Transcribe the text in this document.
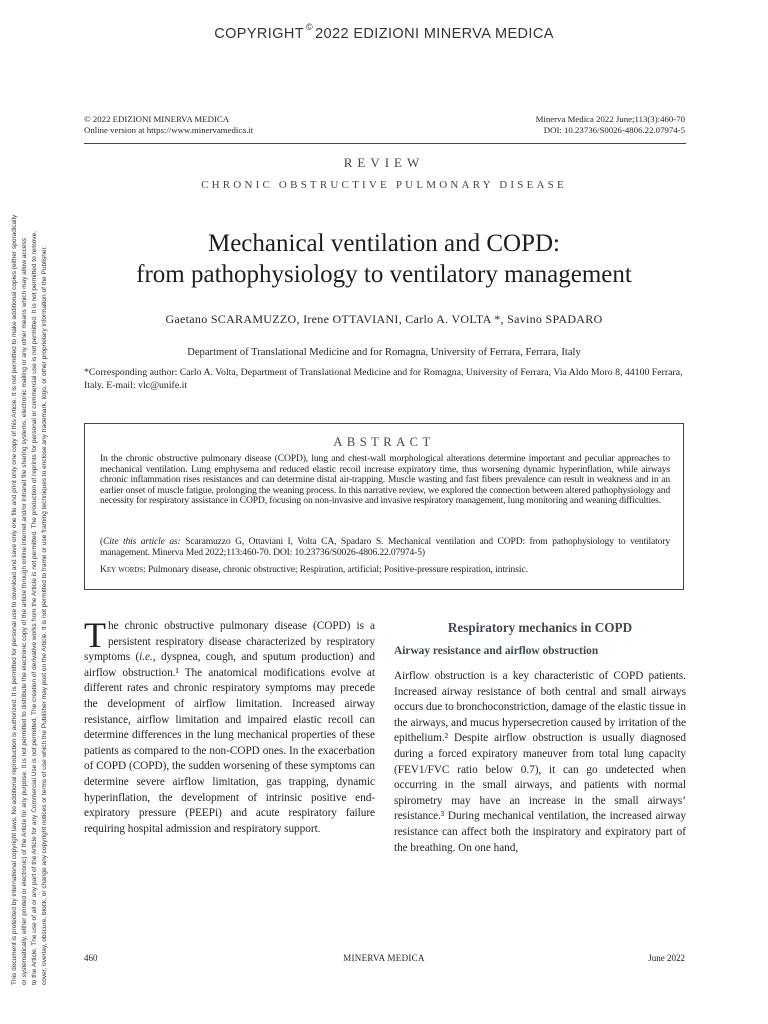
COPYRIGHT © 2022 EDIZIONI MINERVA MEDICA
This document is protected by international copyright laws. No additional reproduction is authorized. It is permitted for personal use to download and save only one file and print only one copy of this Article. It is not permitted to make additional copies (either sporadically or systematically, either printed or electronic) of the Article for any purpose. It is not permitted to distribute the electronic copy of the article through online internet and/or intranet file sharing systems, electronic mailing or any other means which may allow access to the Article. The use of all or any part of the Article for any Commercial Use is not permitted. The creation of derivative works from the Article is not permitted. The production of reprints for personal or commercial use is not permitted. It is not permitted to remove, cover, overlay, obscure, block, or change any copyright notices or terms of use which the Publisher may post on the Article. It is not permitted to frame or use framing techniques to enclose any trademark, logo, or other proprietary information of the Publisher.
© 2022 EDIZIONI MINERVA MEDICA
Online version at https://www.minervamedica.it
Minerva Medica 2022 June;113(3):460-70
DOI: 10.23736/S0026-4806.22.07974-5
REVIEW
CHRONIC OBSTRUCTIVE PULMONARY DISEASE
Mechanical ventilation and COPD:
from pathophysiology to ventilatory management
Gaetano SCARAMUZZO, Irene OTTAVIANI, Carlo A. VOLTA *, Savino SPADARO
Department of Translational Medicine and for Romagna, University of Ferrara, Ferrara, Italy
*Corresponding author: Carlo A. Volta, Department of Translational Medicine and for Romagna, University of Ferrara, Via Aldo Moro 8, 44100 Ferrara, Italy. E-mail: vlc@unife.it
ABSTRACT
In the chronic obstructive pulmonary disease (COPD), lung and chest-wall morphological alterations determine important and peculiar approaches to mechanical ventilation. Lung emphysema and reduced elastic recoil increase expiratory time, thus worsening dynamic hyperinflation, while airways chronic inflammation rises resistances and can determine distal air-trapping. Muscle wasting and fast fibers prevalence can result in weakness and in an earlier onset of muscle fatigue, prolonging the weaning process. In this narrative review, we explored the connection between altered pathophysiology and necessity for respiratory assistance in COPD, focusing on non-invasive and invasive respiratory management, lung monitoring and weaning difficulties.
(Cite this article as: Scaramuzzo G, Ottaviani I, Volta CA, Spadaro S. Mechanical ventilation and COPD: from pathophysiology to ventilatory management. Minerva Med 2022;113:460-70. DOI: 10.23736/S0026-4806.22.07974-5)
Key words: Pulmonary disease, chronic obstructive; Respiration, artificial; Positive-pressure respiration, intrinsic.
The chronic obstructive pulmonary disease (COPD) is a persistent respiratory disease characterized by respiratory symptoms (i.e., dyspnea, cough, and sputum production) and airflow obstruction.¹ The anatomical modifications evolve at different rates and chronic respiratory symptoms may precede the development of airflow limitation. Increased airway resistance, airflow limitation and impaired elastic recoil can determine differences in the lung mechanical properties of these patients as compared to the non-COPD ones. In the exacerbation of COPD (COPD), the sudden worsening of these symptoms can determine severe airflow limitation, gas trapping, dynamic hyperinflation, the development of intrinsic positive end-expiratory pressure (PEEPi) and acute respiratory failure requiring hospital admission and respiratory support.
Respiratory mechanics in COPD
Airway resistance and airflow obstruction
Airflow obstruction is a key characteristic of COPD patients. Increased airway resistance of both central and small airways occurs due to bronchoconstriction, damage of the elastic tissue in the airways, and mucus hypersecretion caused by irritation of the epithelium.² Despite airflow obstruction is usually diagnosed during a forced expiratory maneuver from total lung capacity (FEV1/FVC ratio below 0.7), it can go undetected when occurring in the small airways, and patients with normal spirometry may have an increase in the small airways’ resistance.³ During mechanical ventilation, the increased airway resistance can affect both the inspiratory and expiratory part of the breathing. On one hand,
460	MINERVA MEDICA	June 2022
